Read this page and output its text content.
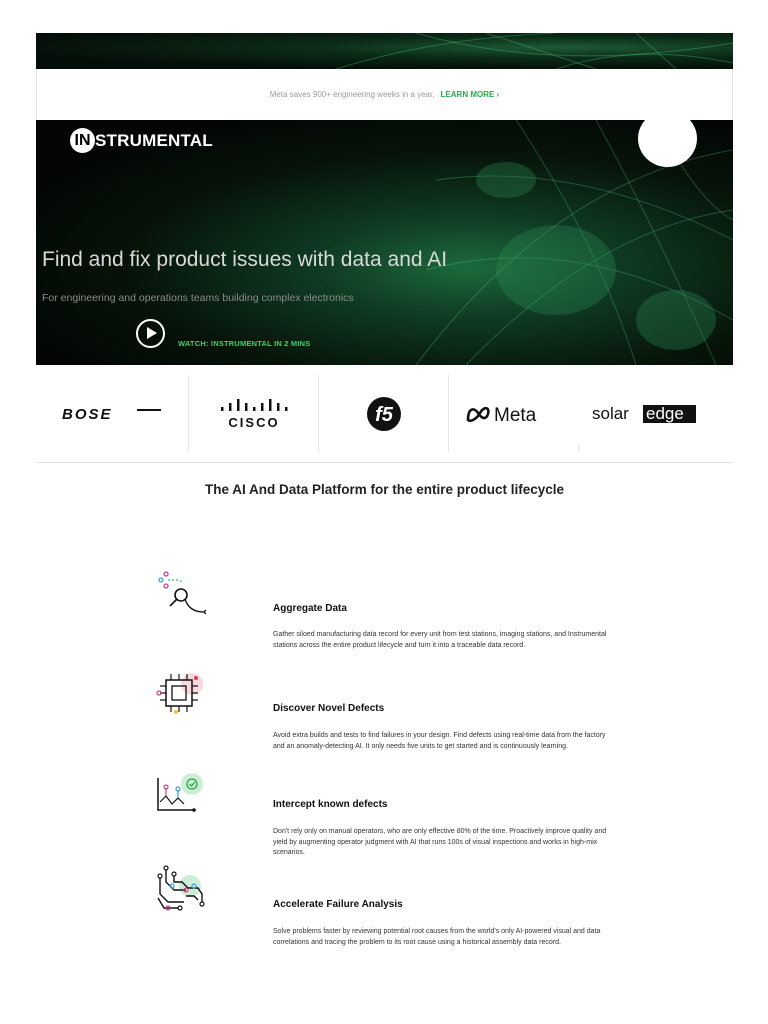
Meta saves 900+ engineering weeks in a year. LEARN MORE ›
IN STRUMENTAL
Find and fix product issues with data and AI
For engineering and operations teams building complex electronics
WATCH: INSTRUMENTAL IN 2 MINS
BOSE	CISCO	f5	Meta	solar edge
The AI And Data Platform for the entire product lifecycle
Aggregate Data

Gather siloed manufacturing data record for every unit from test stations, imaging stations, and Instrumental stations across the entire product lifecycle and turn it into a traceable data record.

Discover Novel Defects

Avoid extra builds and tests to find failures in your design. Find defects using real-time data from the factory and an anomaly-detecting AI. It only needs five units to get started and is continuously learning.

Intercept known defects

Don't rely only on manual operators, who are only effective 80% of the time. Proactively improve quality and yield by augmenting operator judgment with AI that runs 100s of visual inspections and works in high-mix scenarios.

Accelerate Failure Analysis

Solve problems faster by reviewing potential root causes from the world's only AI-powered visual and data correlations and tracing the problem to its root cause using a historical assembly data record.
